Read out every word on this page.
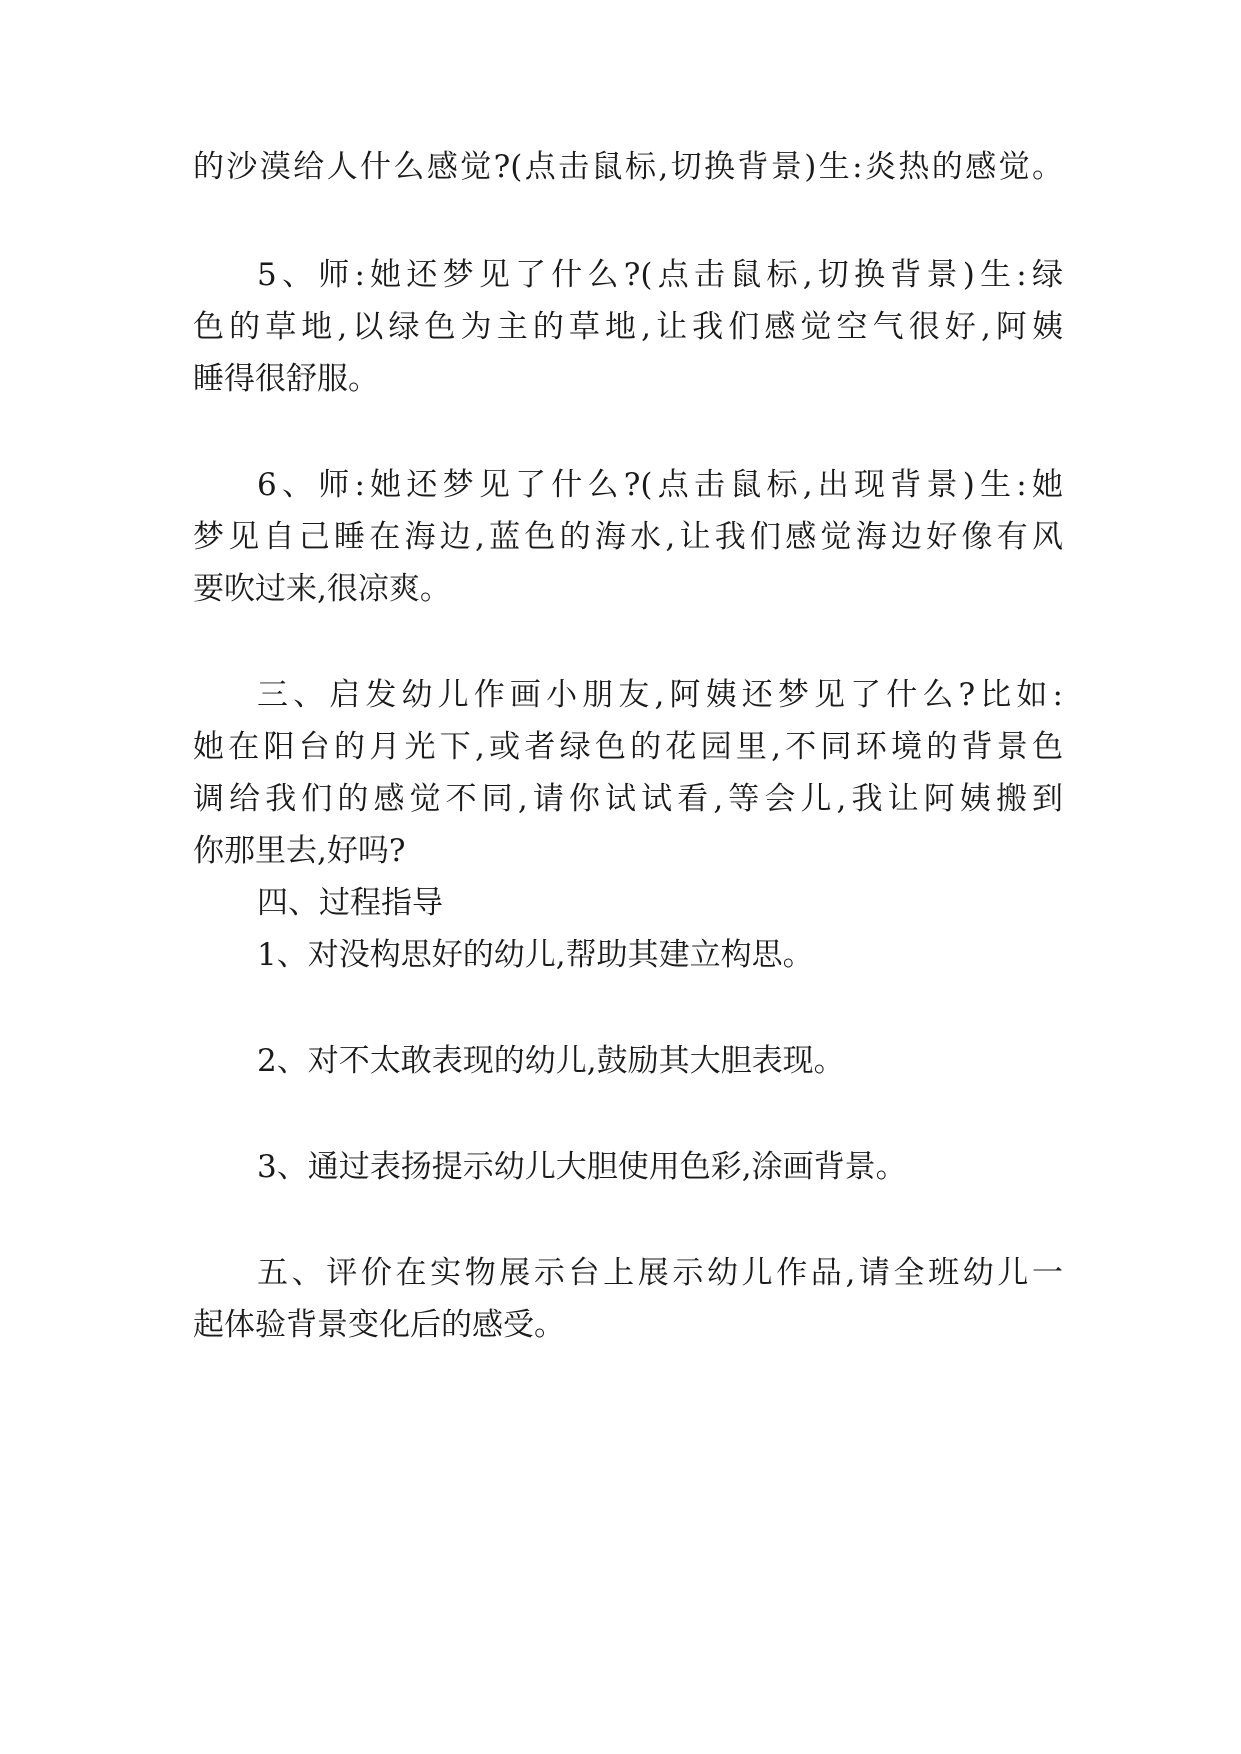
的沙漠给人什么感觉?(点击鼠标,切换背景)生:炎热的感觉。
5、师:她还梦见了什么?(点击鼠标,切换背景)生:绿
色的草地,以绿色为主的草地,让我们感觉空气很好,阿姨
睡得很舒服。
6、师:她还梦见了什么?(点击鼠标,出现背景)生:她
梦见自己睡在海边,蓝色的海水,让我们感觉海边好像有风
要吹过来,很凉爽。
三、启发幼儿作画小朋友,阿姨还梦见了什么?比如:
她在阳台的月光下,或者绿色的花园里,不同环境的背景色
调给我们的感觉不同,请你试试看,等会儿,我让阿姨搬到
你那里去,好吗?
四、过程指导
1、对没构思好的幼儿,帮助其建立构思。
2、对不太敢表现的幼儿,鼓励其大胆表现。
3、通过表扬提示幼儿大胆使用色彩,涂画背景。
五、评价在实物展示台上展示幼儿作品,请全班幼儿一
起体验背景变化后的感受。
